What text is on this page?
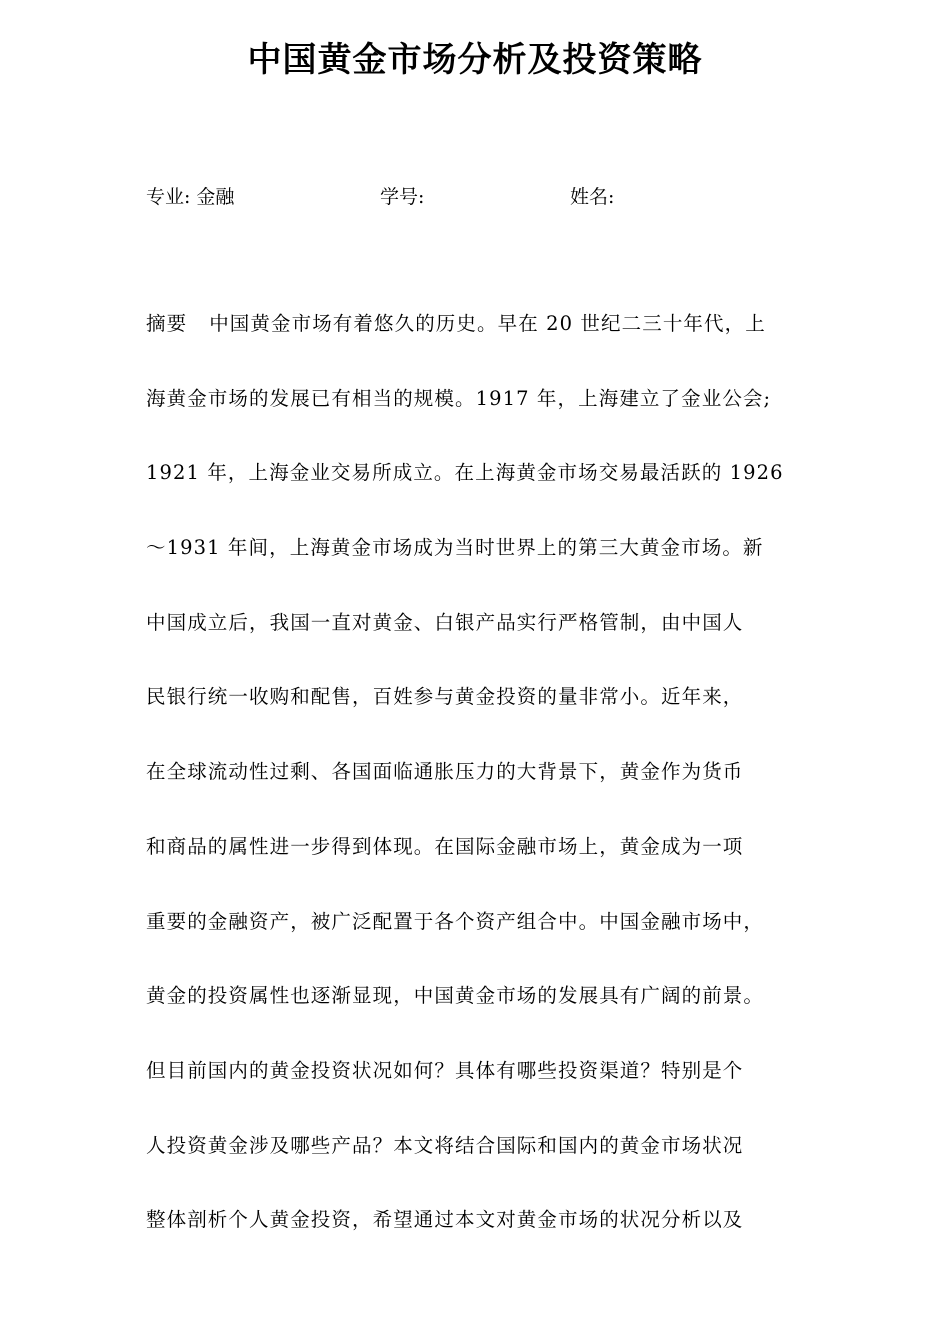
中国黄金市场分析及投资策略
专业: 金融	学号:	姓名:
摘要 中国黄金市场有着悠久的历史。早在 20 世纪二三十年代，上
海黄金市场的发展已有相当的规模。1917 年，上海建立了金业公会;
1921 年，上海金业交易所成立。在上海黄金市场交易最活跃的 1926
～1931 年间，上海黄金市场成为当时世界上的第三大黄金市场。新
中国成立后，我国一直对黄金、白银产品实行严格管制，由中国人
民银行统一收购和配售，百姓参与黄金投资的量非常小。近年来，
在全球流动性过剩、各国面临通胀压力的大背景下，黄金作为货币
和商品的属性进一步得到体现。在国际金融市场上，黄金成为一项
重要的金融资产，被广泛配置于各个资产组合中。中国金融市场中，
黄金的投资属性也逐渐显现，中国黄金市场的发展具有广阔的前景。
但目前国内的黄金投资状况如何？具体有哪些投资渠道？特别是个
人投资黄金涉及哪些产品？本文将结合国际和国内的黄金市场状况
整体剖析个人黄金投资，希望通过本文对黄金市场的状况分析以及
